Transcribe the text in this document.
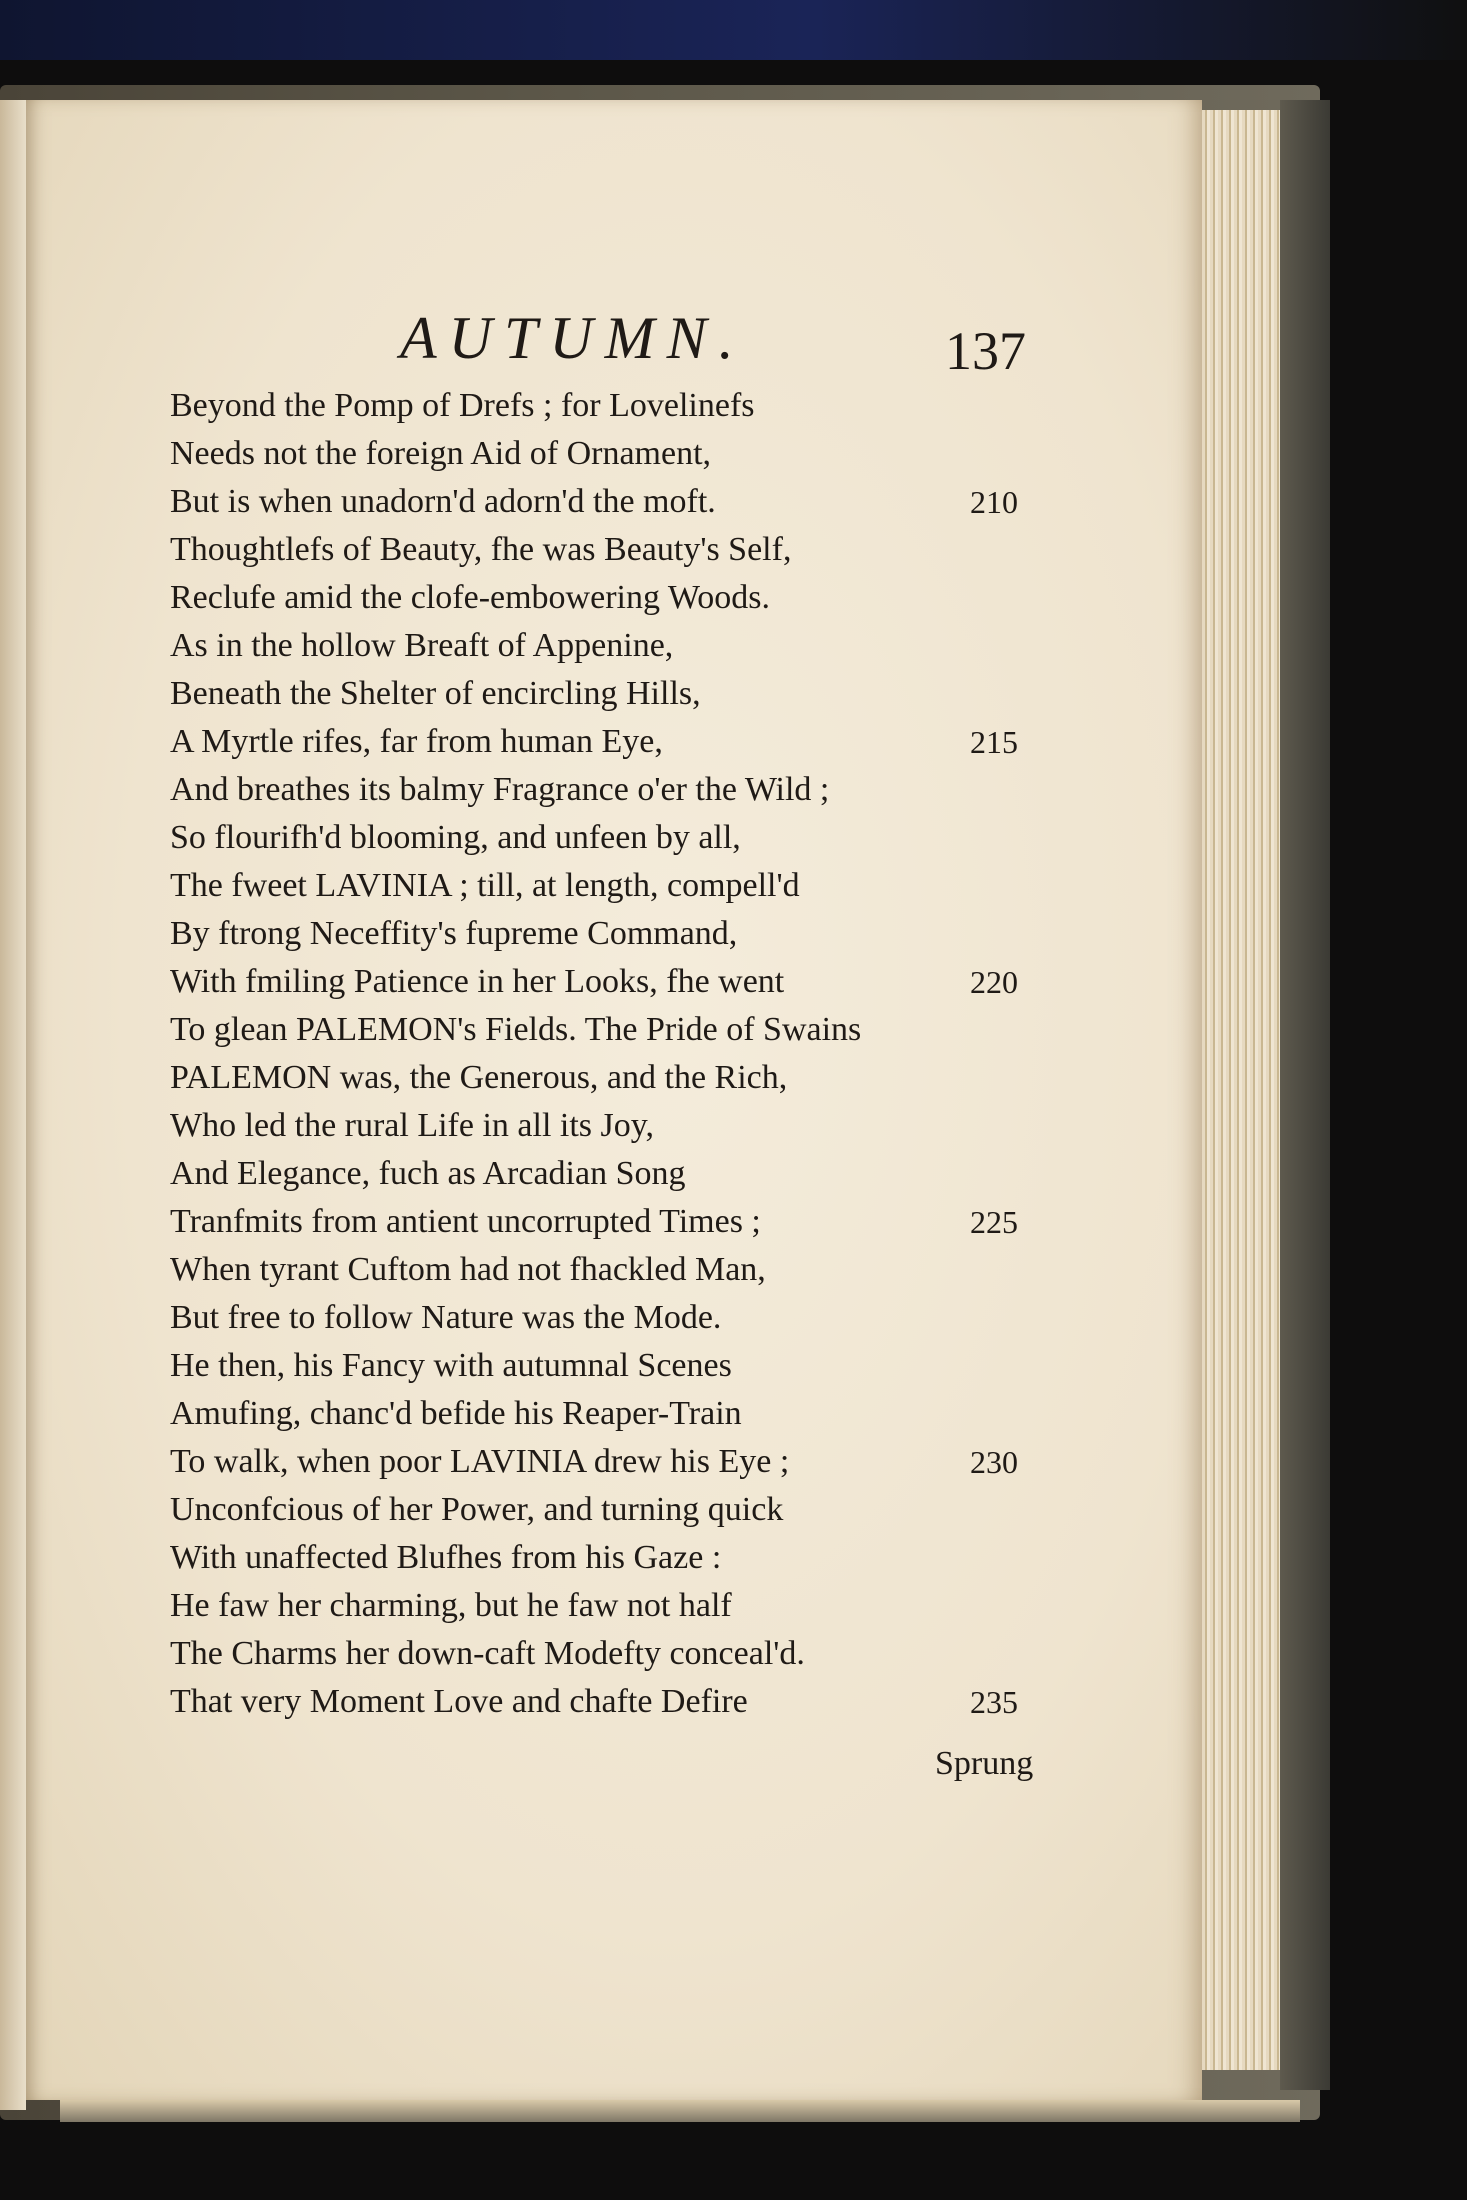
AUTUMN.	137
Beyond the Pomp of Drefs ; for Lovelinefs
Needs not the foreign Aid of Ornament,
But is when unadorn'd adorn'd the moft.	210
Thoughtlefs of Beauty, fhe was Beauty's Self,
Reclufe amid the clofe-embowering Woods.
As in the hollow Breaft of Appenine,
Beneath the Shelter of encircling Hills,
A Myrtle rifes, far from human Eye,	215
And breathes its balmy Fragrance o'er the Wild ;
So flourifh'd blooming, and unfeen by all,
The fweet LAVINIA ; till, at length, compell'd
By ftrong Neceffity's fupreme Command,
With fmiling Patience in her Looks, fhe went	220
To glean PALEMON's Fields. The Pride of Swains
PALEMON was, the Generous, and the Rich,
Who led the rural Life in all its Joy,
And Elegance, fuch as Arcadian Song
Tranfmits from antient uncorrupted Times ;	225
When tyrant Cuftom had not fhackled Man,
But free to follow Nature was the Mode.
He then, his Fancy with autumnal Scenes
Amufing, chanc'd befide his Reaper-Train
To walk, when poor LAVINIA drew his Eye ;	230
Unconfcious of her Power, and turning quick
With unaffected Blufhes from his Gaze :
He faw her charming, but he faw not half
The Charms her down-caft Modefty conceal'd.
That very Moment Love and chafte Defire	235
Sprung
